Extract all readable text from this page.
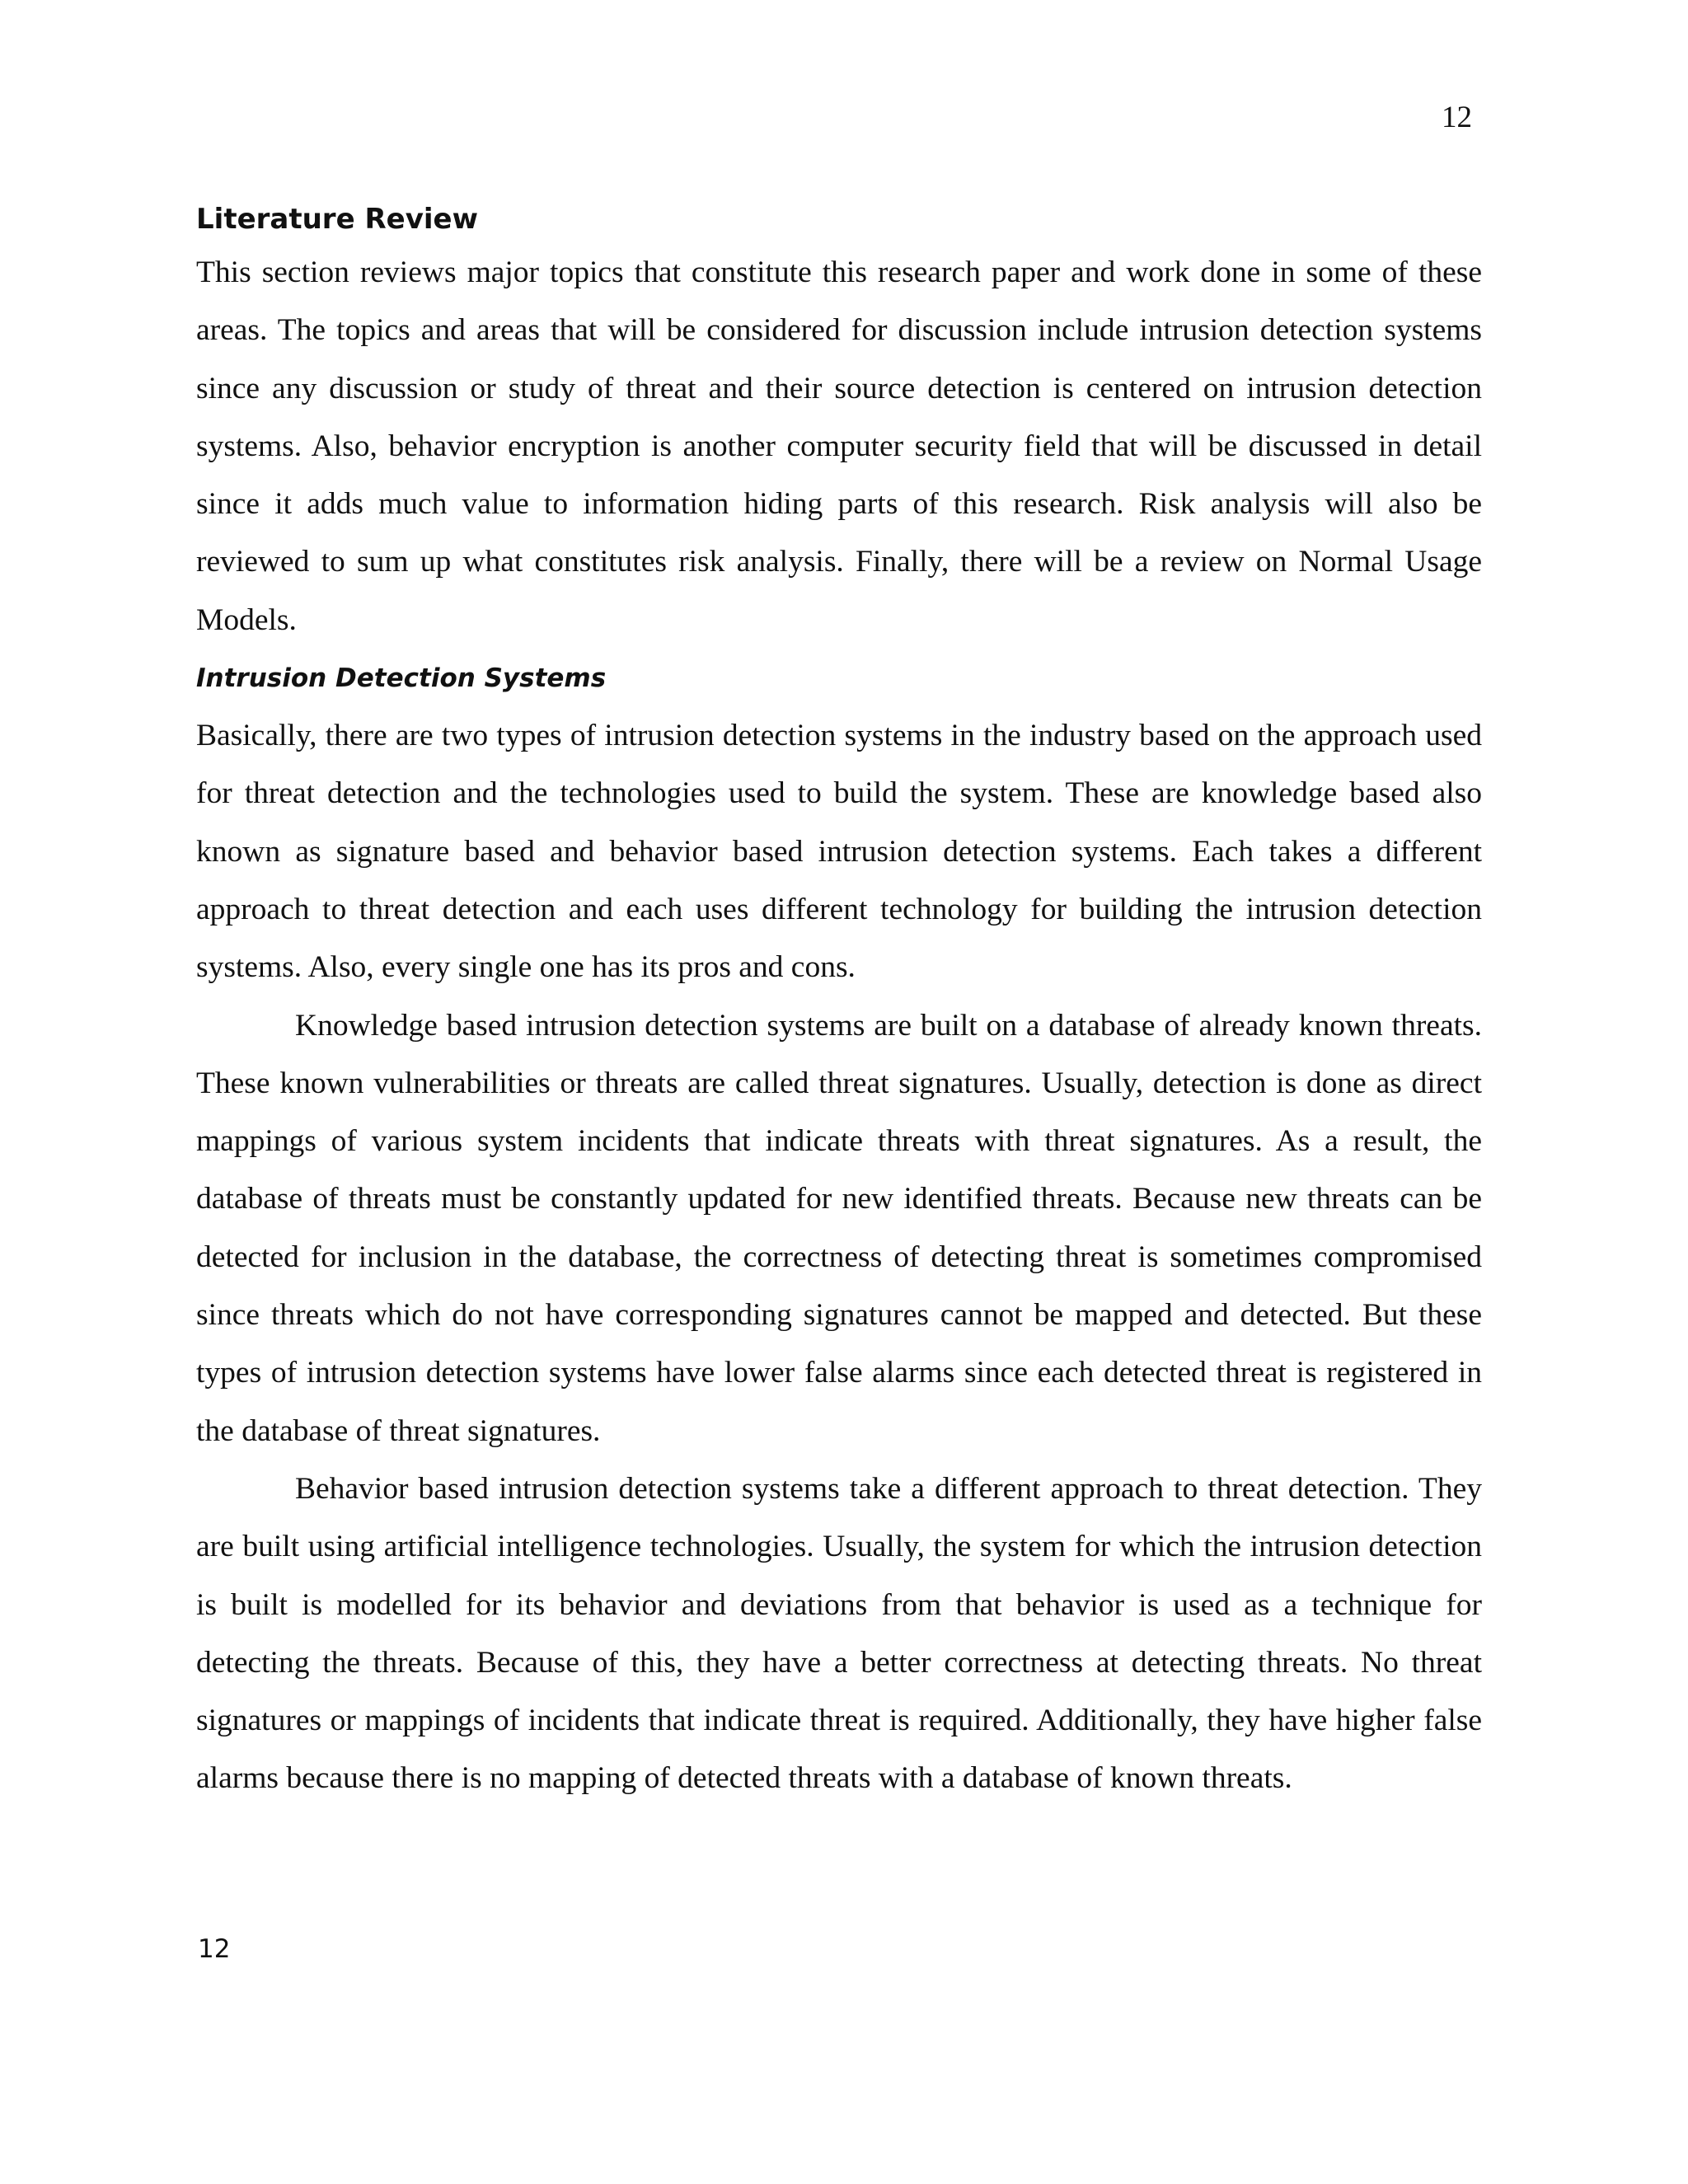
12

Literature Review

This section reviews major topics that constitute this research paper and work done in some of these areas. The topics and areas that will be considered for discussion include intrusion detection systems since any discussion or study of threat and their source detection is centered on intrusion detection systems. Also, behavior encryption is another computer security field that will be discussed in detail since it adds much value to information hiding parts of this research. Risk analysis will also be reviewed to sum up what constitutes risk analysis. Finally, there will be a review on Normal Usage Models.

Intrusion Detection Systems

Basically, there are two types of intrusion detection systems in the industry based on the approach used for threat detection and the technologies used to build the system. These are knowledge based also known as signature based and behavior based intrusion detection systems. Each takes a different approach to threat detection and each uses different technology for building the intrusion detection systems. Also, every single one has its pros and cons.

Knowledge based intrusion detection systems are built on a database of already known threats. These known vulnerabilities or threats are called threat signatures. Usually, detection is done as direct mappings of various system incidents that indicate threats with threat signatures. As a result, the database of threats must be constantly updated for new identified threats. Because new threats can be detected for inclusion in the database, the correctness of detecting threat is sometimes compromised since threats which do not have corresponding signatures cannot be mapped and detected. But these types of intrusion detection systems have lower false alarms since each detected threat is registered in the database of threat signatures.

Behavior based intrusion detection systems take a different approach to threat detection. They are built using artificial intelligence technologies. Usually, the system for which the intrusion detection is built is modelled for its behavior and deviations from that behavior is used as a technique for detecting the threats. Because of this, they have a better correctness at detecting threats. No threat signatures or mappings of incidents that indicate threat is required. Additionally, they have higher false alarms because there is no mapping of detected threats with a database of known threats.

12
